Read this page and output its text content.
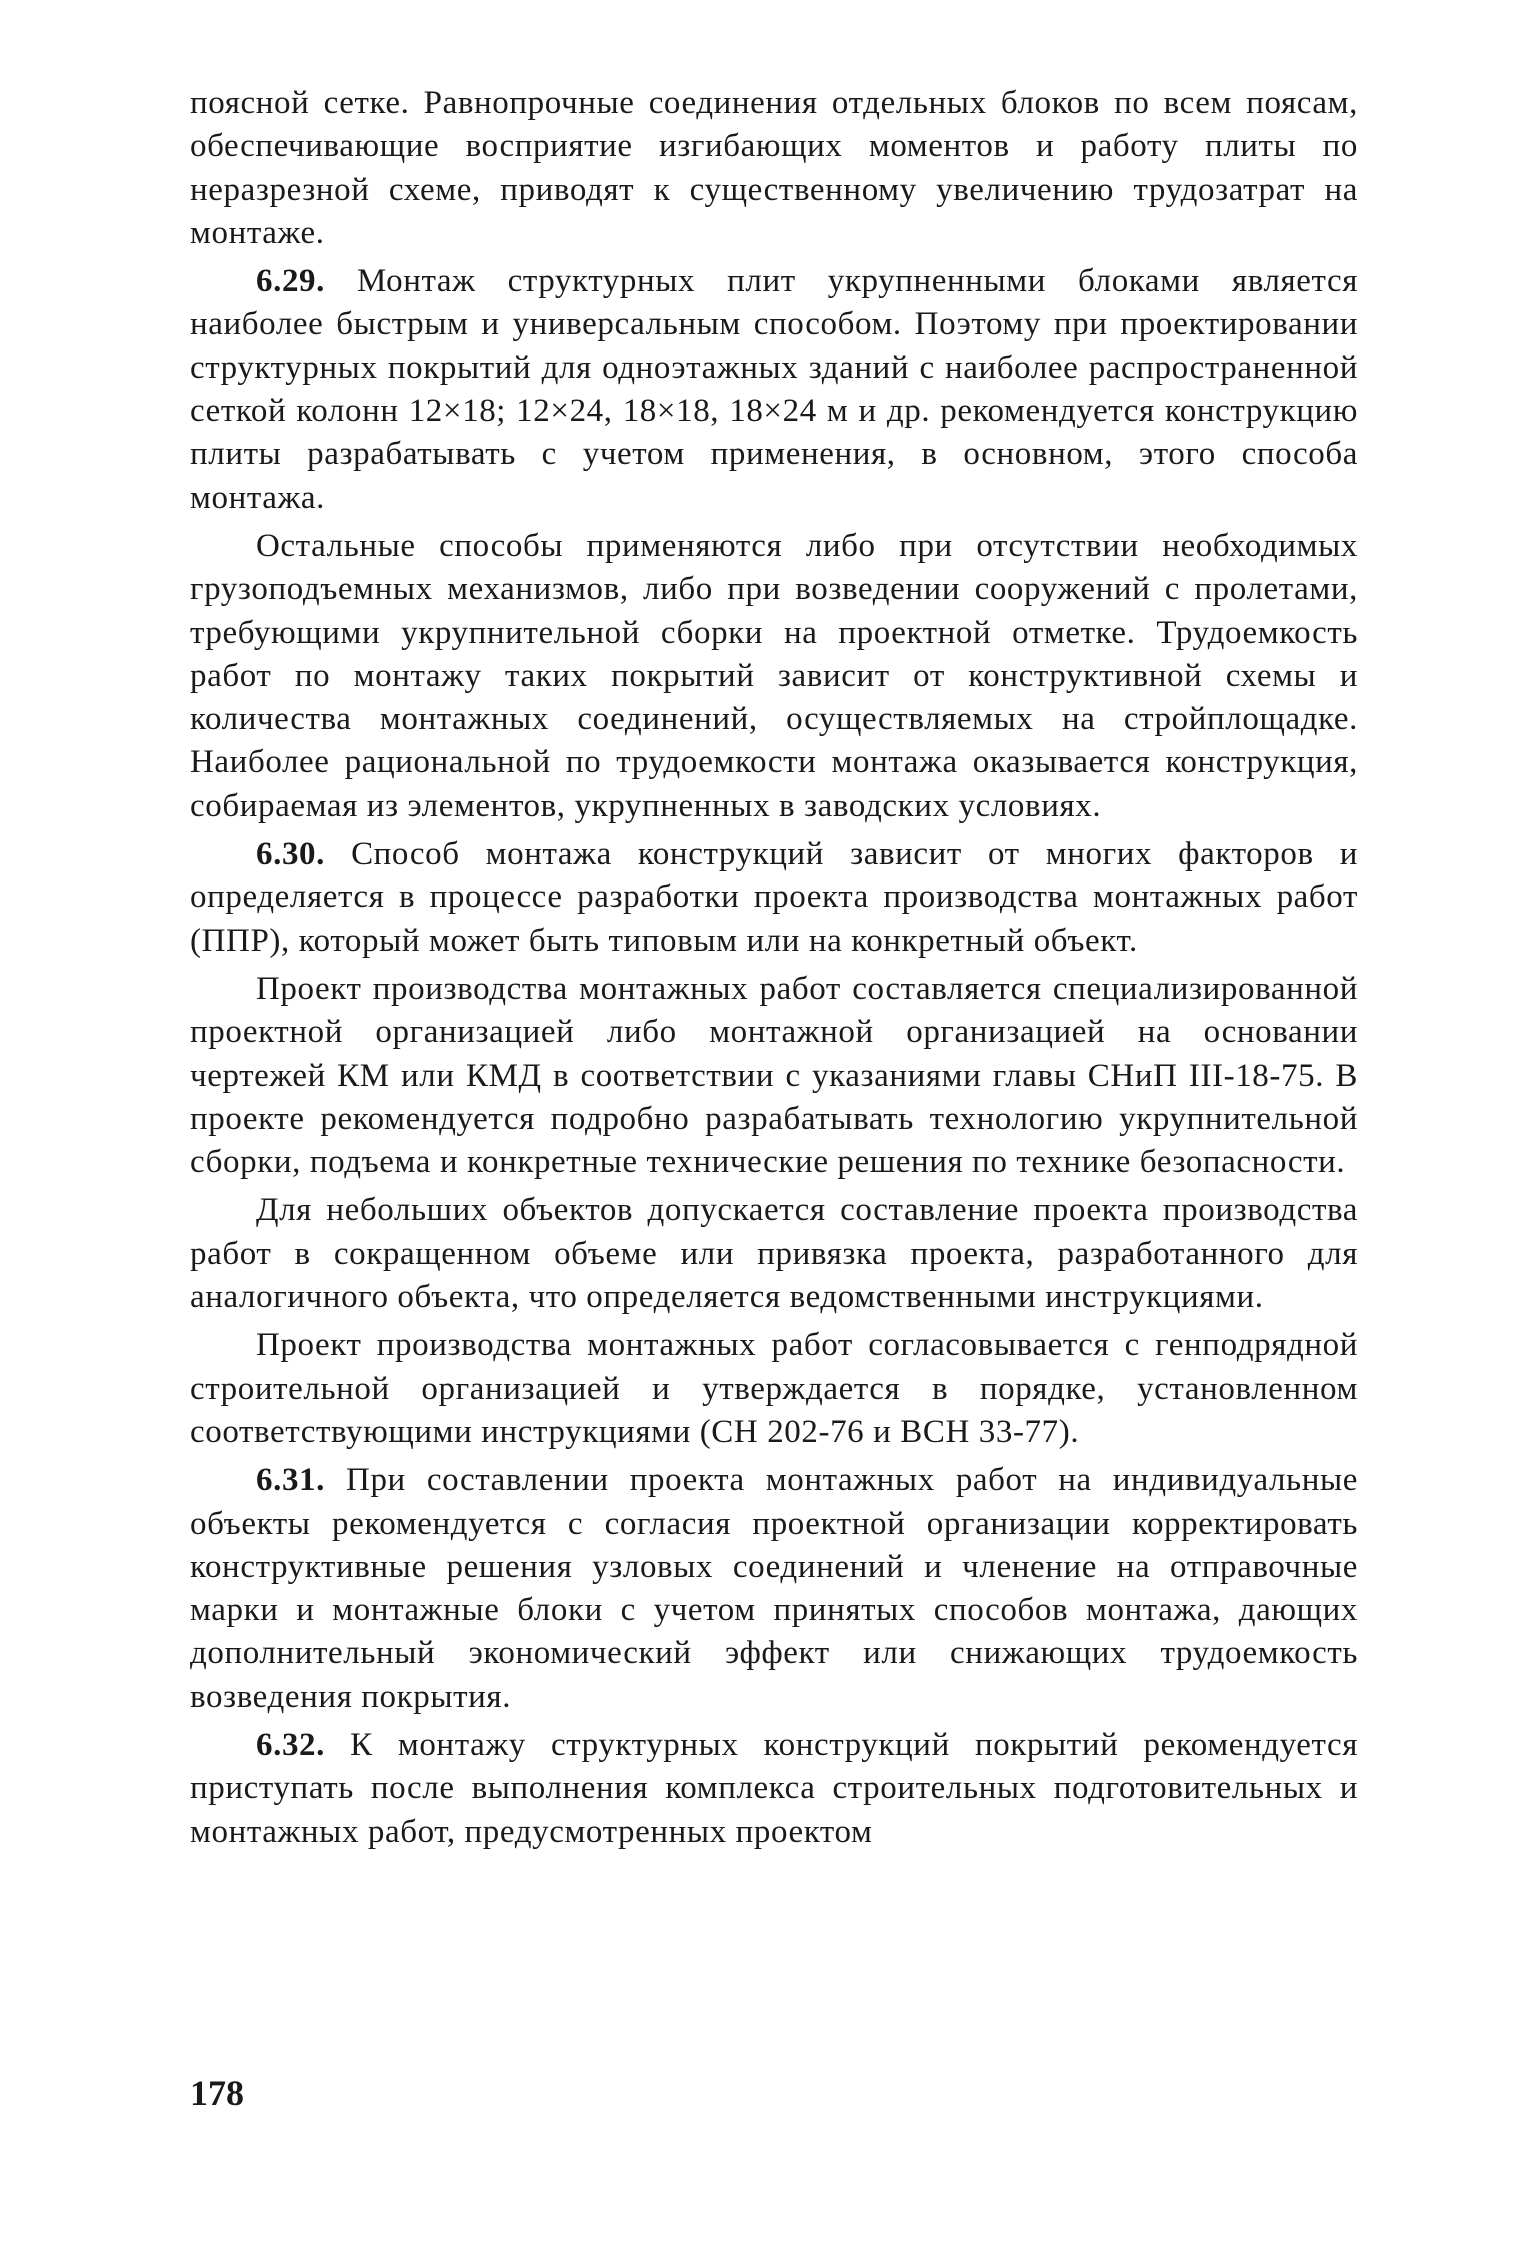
поясной сетке. Равнопрочные соединения отдельных блоков по всем поясам, обеспечивающие восприятие изгибающих моментов и работу плиты по неразрезной схеме, приводят к существенному увеличению трудозатрат на монтаже.

6.29. Монтаж структурных плит укрупненными блоками является наиболее быстрым и универсальным способом. Поэтому при проектировании структурных покрытий для одноэтажных зданий с наиболее распространенной сеткой колонн 12×18; 12×24, 18×18, 18×24 м и др. рекомендуется конструкцию плиты разрабатывать с учетом применения, в основном, этого способа монтажа.

Остальные способы применяются либо при отсутствии необходимых грузоподъемных механизмов, либо при возведении сооружений с пролетами, требующими укрупнительной сборки на проектной отметке. Трудоемкость работ по монтажу таких покрытий зависит от конструктивной схемы и количества монтажных соединений, осуществляемых на стройплощадке. Наиболее рациональной по трудоемкости монтажа оказывается конструкция, собираемая из элементов, укрупненных в заводских условиях.

6.30. Способ монтажа конструкций зависит от многих факторов и определяется в процессе разработки проекта производства монтажных работ (ППР), который может быть типовым или на конкретный объект.

Проект производства монтажных работ составляется специализированной проектной организацией либо монтажной организацией на основании чертежей КМ или КМД в соответствии с указаниями главы СНиП III-18-75. В проекте рекомендуется подробно разрабатывать технологию укрупнительной сборки, подъема и конкретные технические решения по технике безопасности.

Для небольших объектов допускается составление проекта производства работ в сокращенном объеме или привязка проекта, разработанного для аналогичного объекта, что определяется ведомственными инструкциями.

Проект производства монтажных работ согласовывается с генподрядной строительной организацией и утверждается в порядке, установленном соответствующими инструкциями (СН 202-76 и ВСН 33-77).

6.31. При составлении проекта монтажных работ на индивидуальные объекты рекомендуется с согласия проектной организации корректировать конструктивные решения узловых соединений и членение на отправочные марки и монтажные блоки с учетом принятых способов монтажа, дающих дополнительный экономический эффект или снижающих трудоемкость возведения покрытия.

6.32. К монтажу структурных конструкций покрытий рекомендуется приступать после выполнения комплекса строительных подготовительных и монтажных работ, предусмотренных проектом

178
